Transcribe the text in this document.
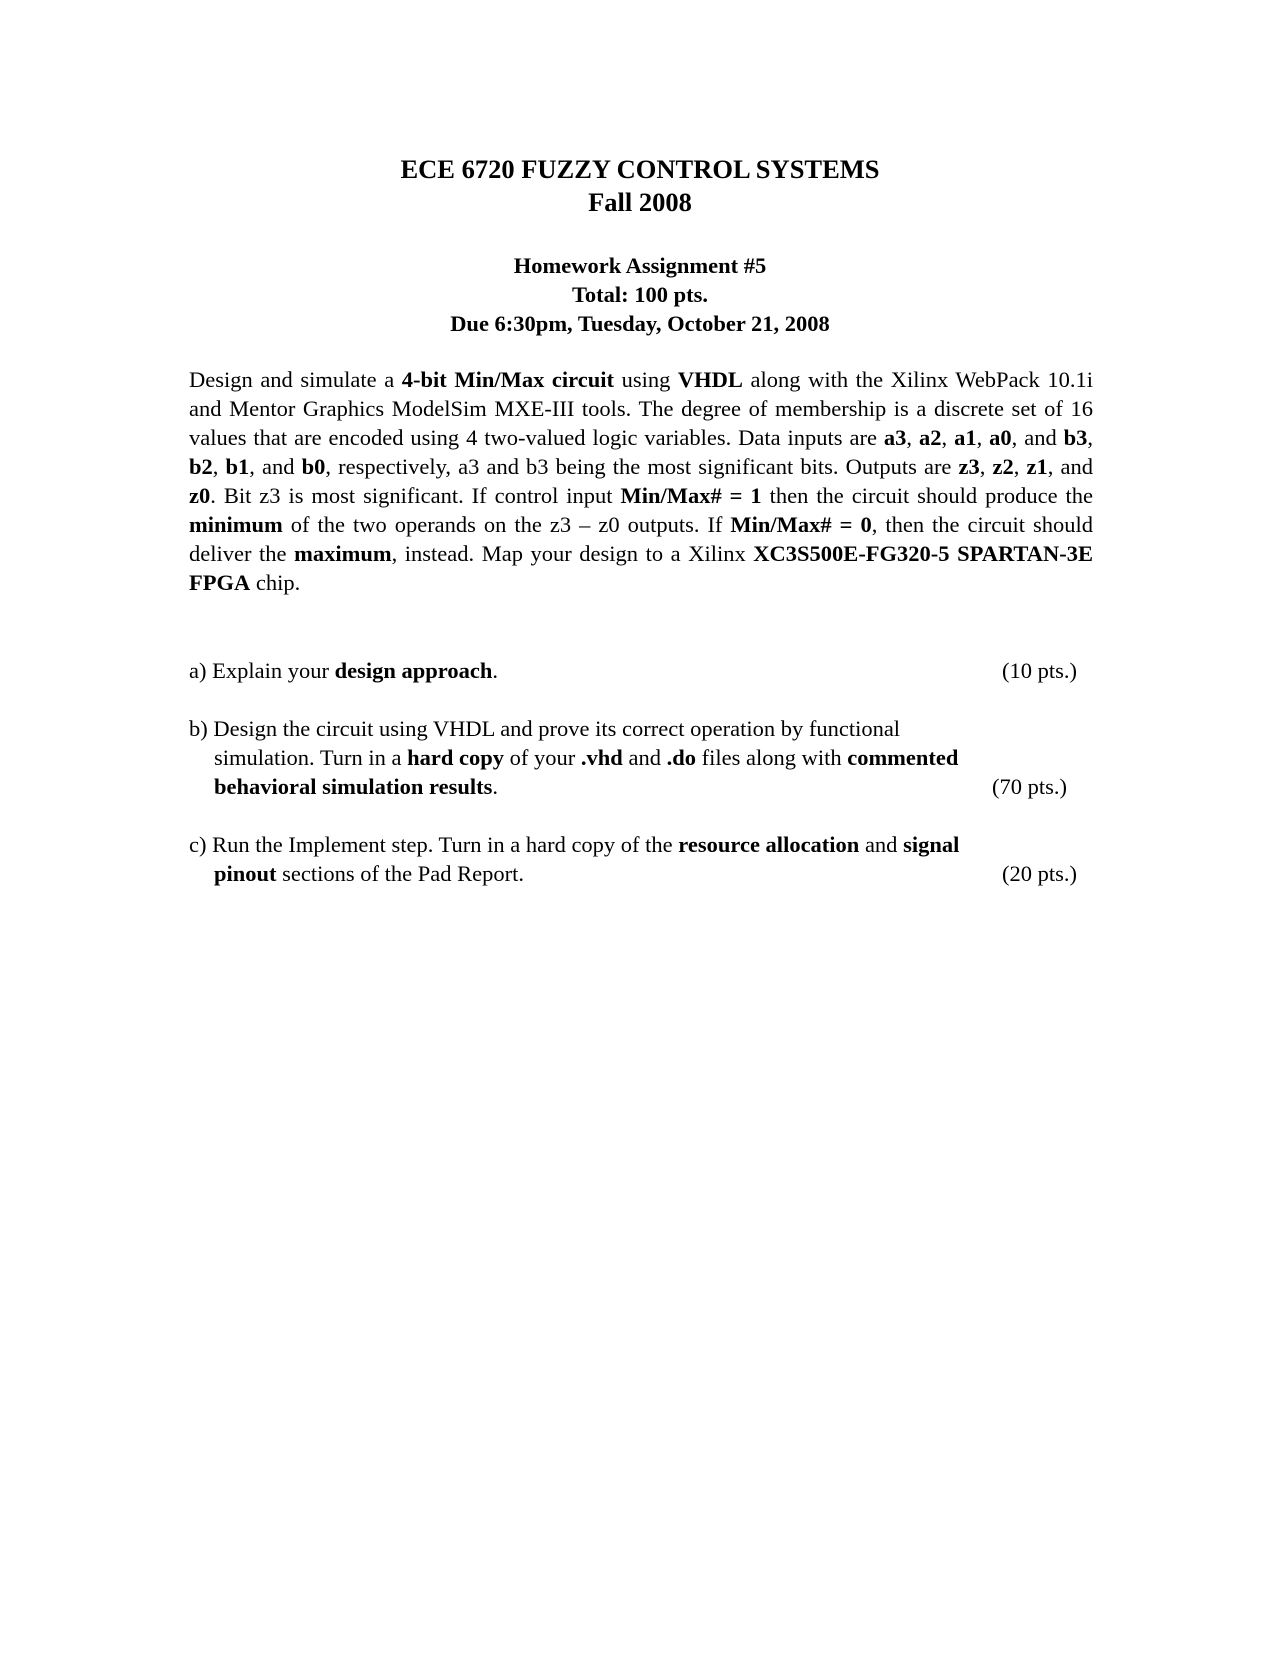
ECE 6720 FUZZY CONTROL SYSTEMS
Fall 2008
Homework Assignment #5
Total: 100 pts.
Due 6:30pm, Tuesday, October 21, 2008

Design and simulate a 4-bit Min/Max circuit using VHDL along with the Xilinx WebPack 10.1i and Mentor Graphics ModelSim MXE-III tools. The degree of membership is a discrete set of 16 values that are encoded using 4 two-valued logic variables. Data inputs are a3, a2, a1, a0, and b3, b2, b1, and b0, respectively, a3 and b3 being the most significant bits. Outputs are z3, z2, z1, and z0. Bit z3 is most significant. If control input Min/Max# = 1 then the circuit should produce the minimum of the two operands on the z3 – z0 outputs. If Min/Max# = 0, then the circuit should deliver the maximum, instead. Map your design to a Xilinx XC3S500E-FG320-5 SPARTAN-3E FPGA chip.

a) Explain your design approach.	(10 pts.)
b) Design the circuit using VHDL and prove its correct operation by functional
simulation. Turn in a hard copy of your .vhd and .do files along with commented
behavioral simulation results.	(70 pts.)
c) Run the Implement step. Turn in a hard copy of the resource allocation and signal
pinout sections of the Pad Report.	(20 pts.)
